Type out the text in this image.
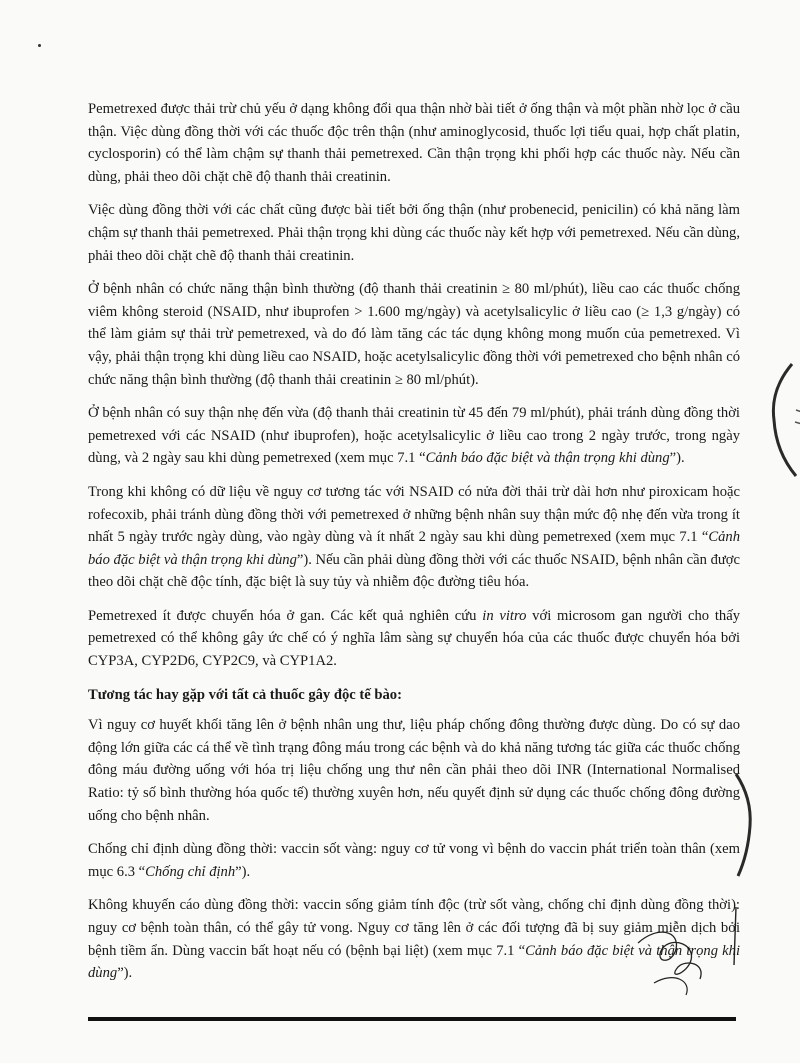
Pemetrexed được thải trừ chủ yếu ở dạng không đổi qua thận nhờ bài tiết ở ống thận và một phần nhờ lọc ở cầu thận. Việc dùng đồng thời với các thuốc độc trên thận (như aminoglycosid, thuốc lợi tiểu quai, hợp chất platin, cyclosporin) có thể làm chậm sự thanh thải pemetrexed. Cần thận trọng khi phối hợp các thuốc này. Nếu cần dùng, phải theo dõi chặt chẽ độ thanh thải creatinin.

Việc dùng đồng thời với các chất cũng được bài tiết bởi ống thận (như probenecid, penicilin) có khả năng làm chậm sự thanh thải pemetrexed. Phải thận trọng khi dùng các thuốc này kết hợp với pemetrexed. Nếu cần dùng, phải theo dõi chặt chẽ độ thanh thải creatinin.

Ở bệnh nhân có chức năng thận bình thường (độ thanh thải creatinin ≥ 80 ml/phút), liều cao các thuốc chống viêm không steroid (NSAID, như ibuprofen > 1.600 mg/ngày) và acetylsalicylic ở liều cao (≥ 1,3 g/ngày) có thể làm giảm sự thải trừ pemetrexed, và do đó làm tăng các tác dụng không mong muốn của pemetrexed. Vì vậy, phải thận trọng khi dùng liều cao NSAID, hoặc acetylsalicylic đồng thời với pemetrexed cho bệnh nhân có chức năng thận bình thường (độ thanh thải creatinin ≥ 80 ml/phút).

Ở bệnh nhân có suy thận nhẹ đến vừa (độ thanh thải creatinin từ 45 đến 79 ml/phút), phải tránh dùng đồng thời pemetrexed với các NSAID (như ibuprofen), hoặc acetylsalicylic ở liều cao trong 2 ngày trước, trong ngày dùng, và 2 ngày sau khi dùng pemetrexed (xem mục 7.1 “Cảnh báo đặc biệt và thận trọng khi dùng”).

Trong khi không có dữ liệu về nguy cơ tương tác với NSAID có nửa đời thải trừ dài hơn như piroxicam hoặc rofecoxib, phải tránh dùng đồng thời với pemetrexed ở những bệnh nhân suy thận mức độ nhẹ đến vừa trong ít nhất 5 ngày trước ngày dùng, vào ngày dùng và ít nhất 2 ngày sau khi dùng pemetrexed (xem mục 7.1 “Cảnh báo đặc biệt và thận trọng khi dùng”). Nếu cần phải dùng đồng thời với các thuốc NSAID, bệnh nhân cần được theo dõi chặt chẽ độc tính, đặc biệt là suy tủy và nhiễm độc đường tiêu hóa.

Pemetrexed ít được chuyển hóa ở gan. Các kết quả nghiên cứu in vitro với microsom gan người cho thấy pemetrexed có thể không gây ức chế có ý nghĩa lâm sàng sự chuyển hóa của các thuốc được chuyển hóa bởi CYP3A, CYP2D6, CYP2C9, và CYP1A2.

Tương tác hay gặp với tất cả thuốc gây độc tế bào:

Vì nguy cơ huyết khối tăng lên ở bệnh nhân ung thư, liệu pháp chống đông thường được dùng. Do có sự dao động lớn giữa các cá thể về tình trạng đông máu trong các bệnh và do khả năng tương tác giữa các thuốc chống đông máu đường uống với hóa trị liệu chống ung thư nên cần phải theo dõi INR (International Normalised Ratio: tỷ số bình thường hóa quốc tế) thường xuyên hơn, nếu quyết định sử dụng các thuốc chống đông đường uống cho bệnh nhân.

Chống chỉ định dùng đồng thời: vaccin sốt vàng: nguy cơ tử vong vì bệnh do vaccin phát triển toàn thân (xem mục 6.3 “Chống chỉ định”).

Không khuyến cáo dùng đồng thời: vaccin sống giảm tính độc (trừ sốt vàng, chống chỉ định dùng đồng thời): nguy cơ bệnh toàn thân, có thể gây tử vong. Nguy cơ tăng lên ở các đối tượng đã bị suy giảm miễn dịch bởi bệnh tiềm ẩn. Dùng vaccin bất hoạt nếu có (bệnh bại liệt) (xem mục 7.1 “Cảnh báo đặc biệt và thận trọng khi dùng”).
